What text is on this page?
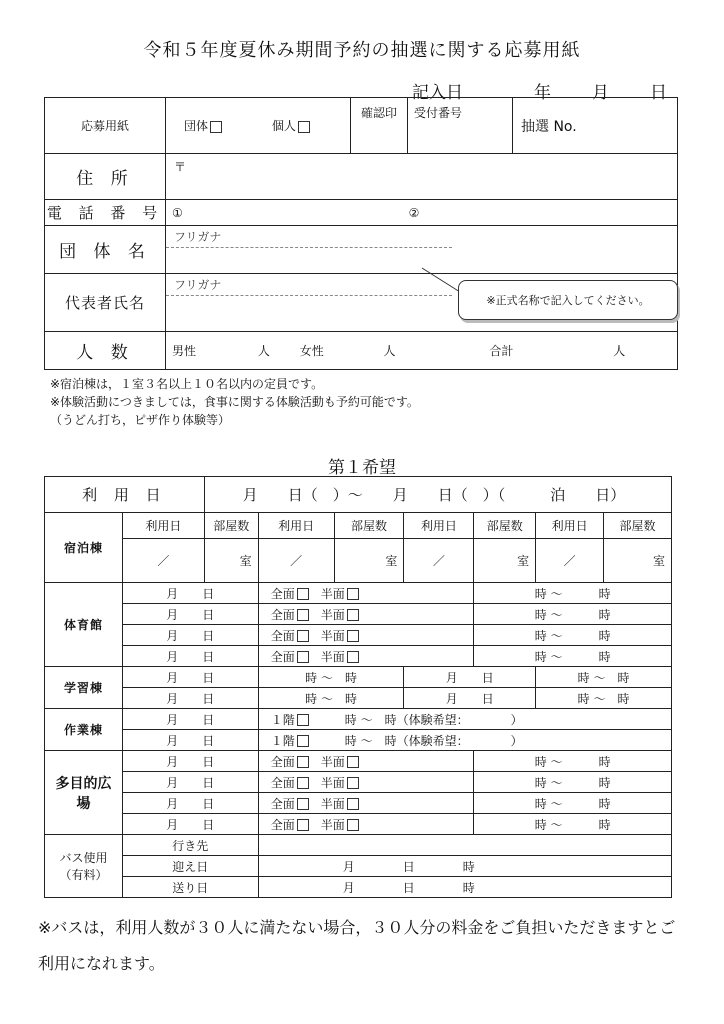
令和５年度夏休み期間予約の抽選に関する応募用紙
記入日	年 月 日
応募用紙	団体 個人	確認印	受付番号	抽選 No.
住 所	〒			
電 話 番 号	① ②			
団 体 名	フリガナ			

代表者氏名	フリガナ			

人 数	男性 人 女性 人 合計 人			
※正式名称で記入してください。
※宿泊棟は，１室３名以上１０名以内の定員です。
※体験活動につきましては，食事に関する体験活動も予約可能です。
（うどん打ち，ピザ作り体験等）
第１希望
利 用 日		月　　日（　）～　　月　　日（　）（　　　泊　　日）						
宿泊棟	利用日	部屋数	利用日	部屋数	利用日	部屋数	利用日	部屋数
	／	室	／	室	／	室	／	室
体育館	月　　 日	　	全面　 半面			時 ～　　　 時		
	月　　 日	　	全面　 半面			時 ～　　　 時		
	月　　 日	　	全面　 半面			時 ～　　　 時		
	月　　 日	　	全面　 半面			時 ～　　　 時		
学習棟	月　　 日		時 ～　 時		月　　 日		時 ～　 時	
	月　　 日		時 ～　 時		月　　 日		時 ～　 時	
作業棟	月　　 日	　	１階　　　 時 ～　 時（体験希望：　　　　）					
	月　　 日	　	１階　　　 時 ～　 時（体験希望：　　　　）					
多目的広場	月　　 日	　	全面　 半面			時 ～　　　 時		
	月　　 日	　	全面　 半面			時 ～　　　 時		
	月　　 日	　	全面　 半面			時 ～　　　 時		
	月　　 日	　	全面　 半面			時 ～　　　 時		
バス使用（有料）	行き先							
	迎え日	　　　　　　　	月　　　　 日　　　　 時					
	送り日	　　　　　　　	月　　　　 日　　　　 時					
※バスは，利用人数が３０人に満たない場合，３０人分の料金をご負担いただきますとご利用になれます。
